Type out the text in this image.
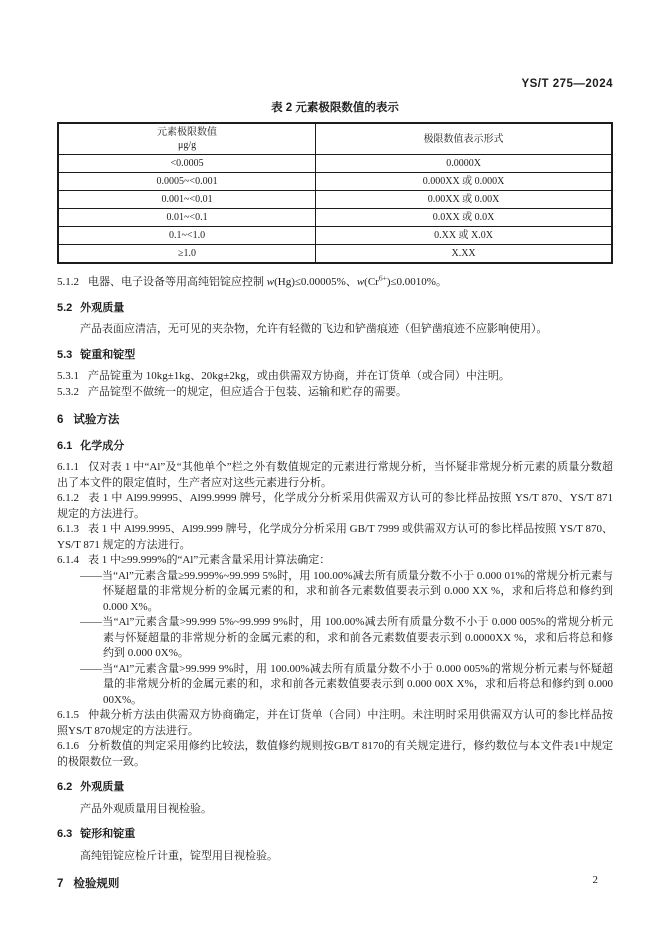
YS/T 275—2024
表 2 元素极限数值的表示
元素极限数值
μg/g	极限数值表示形式
<0.0005	0.0000X
0.0005~<0.001	0.000XX 或 0.000X
0.001~<0.01	0.00XX 或 0.00X
0.01~<0.1	0.0XX 或 0.0X
0.1~<1.0	0.XX 或 X.0X
≥1.0	X.XX

5.1.2 电器、电子设备等用高纯铝锭应控制 w(Hg)≤0.00005%、$w(Cr^{6+})\le 0.0010\%$。

5.2 外观质量

产品表面应清洁，无可见的夹杂物，允许有轻微的飞边和铲凿痕迹（但铲凿痕迹不应影响使用）。

5.3 锭重和锭型

5.3.1 产品锭重为 10kg±1kg、20kg±2kg，或由供需双方协商，并在订货单（或合同）中注明。

5.3.2 产品锭型不做统一的规定，但应适合于包装、运输和贮存的需要。

6 试验方法

6.1 化学成分

6.1.1 仅对表 1 中“Al”及“其他单个”栏之外有数值规定的元素进行常规分析，当怀疑非常规分析元素的质量分数超出了本文件的限定值时，生产者应对这些元素进行分析。

6.1.2 表 1 中 Al99.99995、Al99.9999 牌号，化学成分分析采用供需双方认可的参比样品按照 YS/T 870、YS/T 871 规定的方法进行。

6.1.3 表 1 中 Al99.9995、Al99.999 牌号，化学成分分析采用 GB/T 7999 或供需双方认可的参比样品按照 YS/T 870、YS/T 871 规定的方法进行。

6.1.4 表 1 中≥99.999%的“Al”元素含量采用计算法确定：

——当“Al”元素含量≥99.999%~99.999 5%时，用 100.00%减去所有质量分数不小于 0.000 01%的常规分析元素与怀疑超量的非常规分析的金属元素的和，求和前各元素数值要表示到 0.000 XX %，求和后将总和修约到 0.000 X%。

——当“Al”元素含量>99.999 5%~99.999 9%时，用 100.00%减去所有质量分数不小于 0.000 005%的常规分析元素与怀疑超量的非常规分析的金属元素的和，求和前各元素数值要表示到 0.0000XX %，求和后将总和修约到 0.000 0X%。

——当“Al”元素含量>99.999 9%时，用 100.00%减去所有质量分数不小于 0.000 005%的常规分析元素与怀疑超量的非常规分析的金属元素的和，求和前各元素数值要表示到 0.000 00X X%，求和后将总和修约到 0.000 00X%。

6.1.5 仲裁分析方法由供需双方协商确定，并在订货单（合同）中注明。未注明时采用供需双方认可的参比样品按照YS/T 870规定的方法进行。

6.1.6 分析数值的判定采用修约比较法，数值修约规则按GB/T 8170的有关规定进行，修约数位与本文件表1中规定的极限数位一致。

6.2 外观质量

产品外观质量用目视检验。

6.3 锭形和锭重

高纯铝锭应检斤计重，锭型用目视检验。

7 检验规则	2
